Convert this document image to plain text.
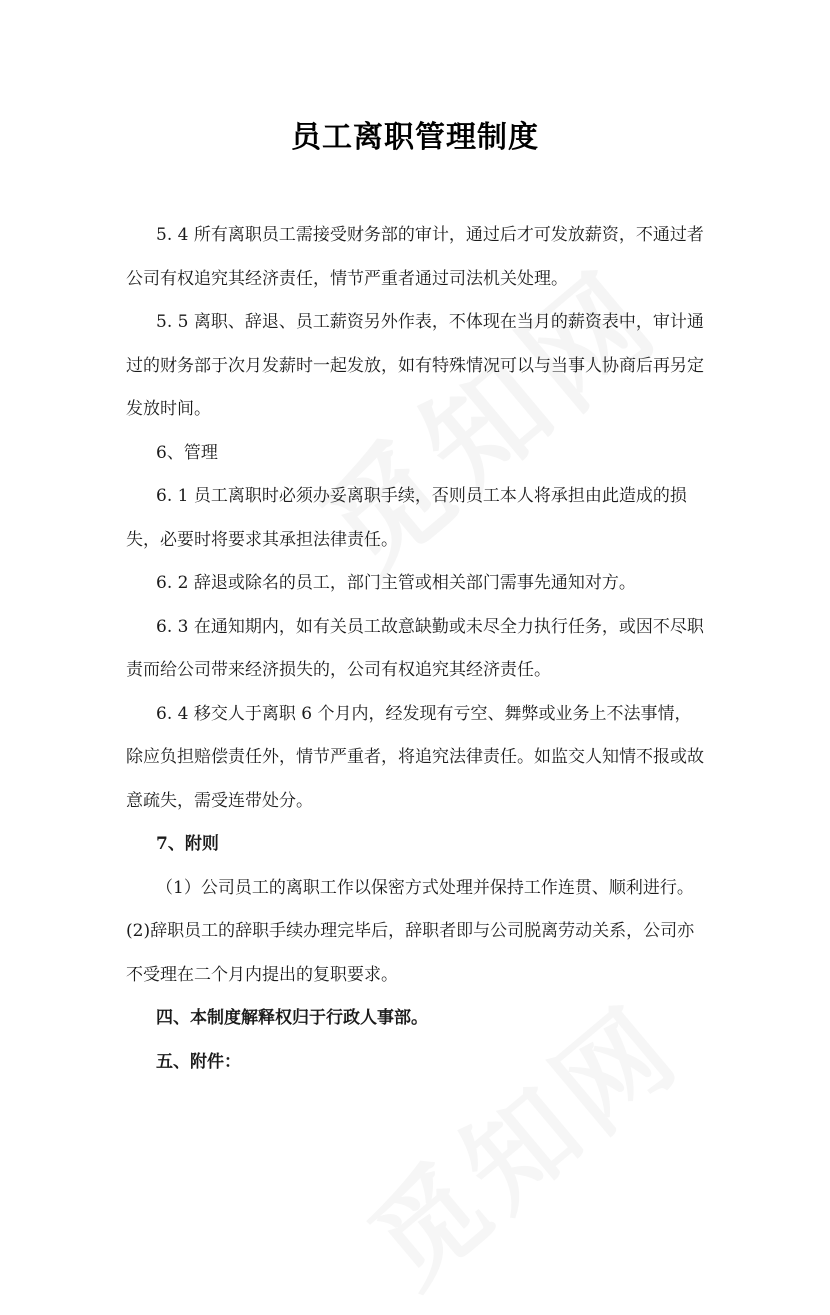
员工离职管理制度

5. 4 所有离职员工需接受财务部的审计，通过后才可发放薪资，不通过者公司有权追究其经济责任，情节严重者通过司法机关处理。

5. 5 离职、辞退、员工薪资另外作表，不体现在当月的薪资表中，审计通过的财务部于次月发薪时一起发放，如有特殊情况可以与当事人协商后再另定发放时间。

6、管理

6. 1 员工离职时必须办妥离职手续，否则员工本人将承担由此造成的损失，必要时将要求其承担法律责任。

6. 2 辞退或除名的员工，部门主管或相关部门需事先通知对方。

6. 3 在通知期内，如有关员工故意缺勤或未尽全力执行任务，或因不尽职责而给公司带来经济损失的，公司有权追究其经济责任。

6. 4 移交人于离职 6 个月内，经发现有亏空、舞弊或业务上不法事情，除应负担赔偿责任外，情节严重者，将追究法律责任。如监交人知情不报或故意疏失，需受连带处分。

7、附则

（1）公司员工的离职工作以保密方式处理并保持工作连贯、顺利进行。(2)辞职员工的辞职手续办理完毕后，辞职者即与公司脱离劳动关系，公司亦不受理在二个月内提出的复职要求。

四、本制度解释权归于行政人事部。

五、附件：
